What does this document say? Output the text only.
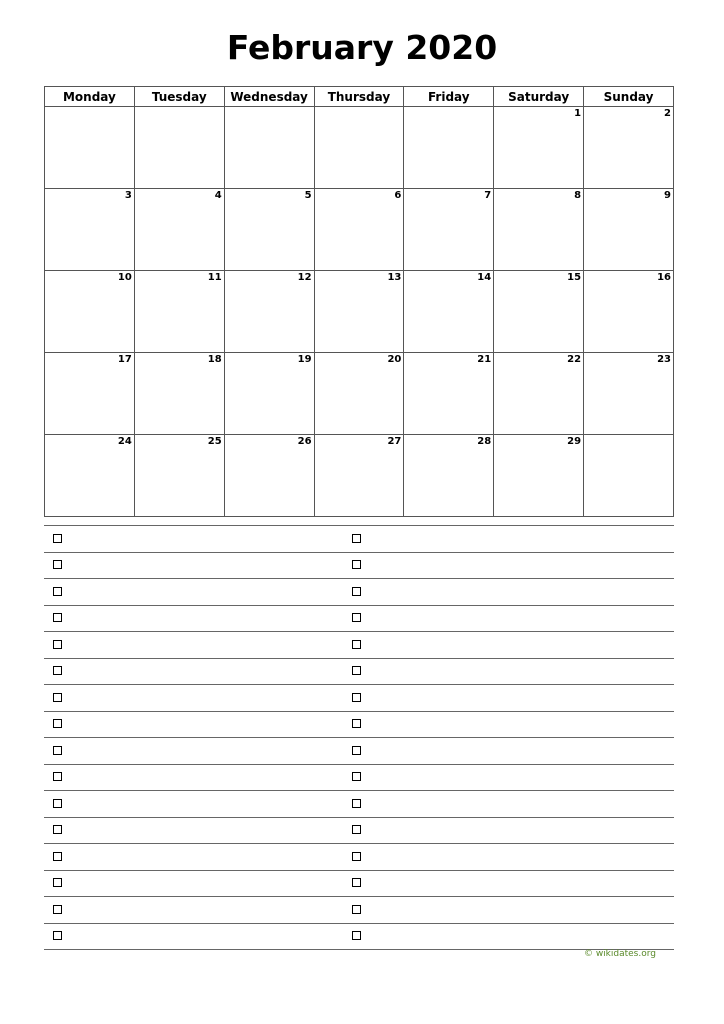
February 2020
Monday	Tuesday	Wednesday	Thursday	Friday	Saturday	Sunday
					1	2
3	4	5	6	7	8	9
10	11	12	13	14	15	16
17	18	19	20	21	22	23
24	25	26	27	28	29	
© wikidates.org
